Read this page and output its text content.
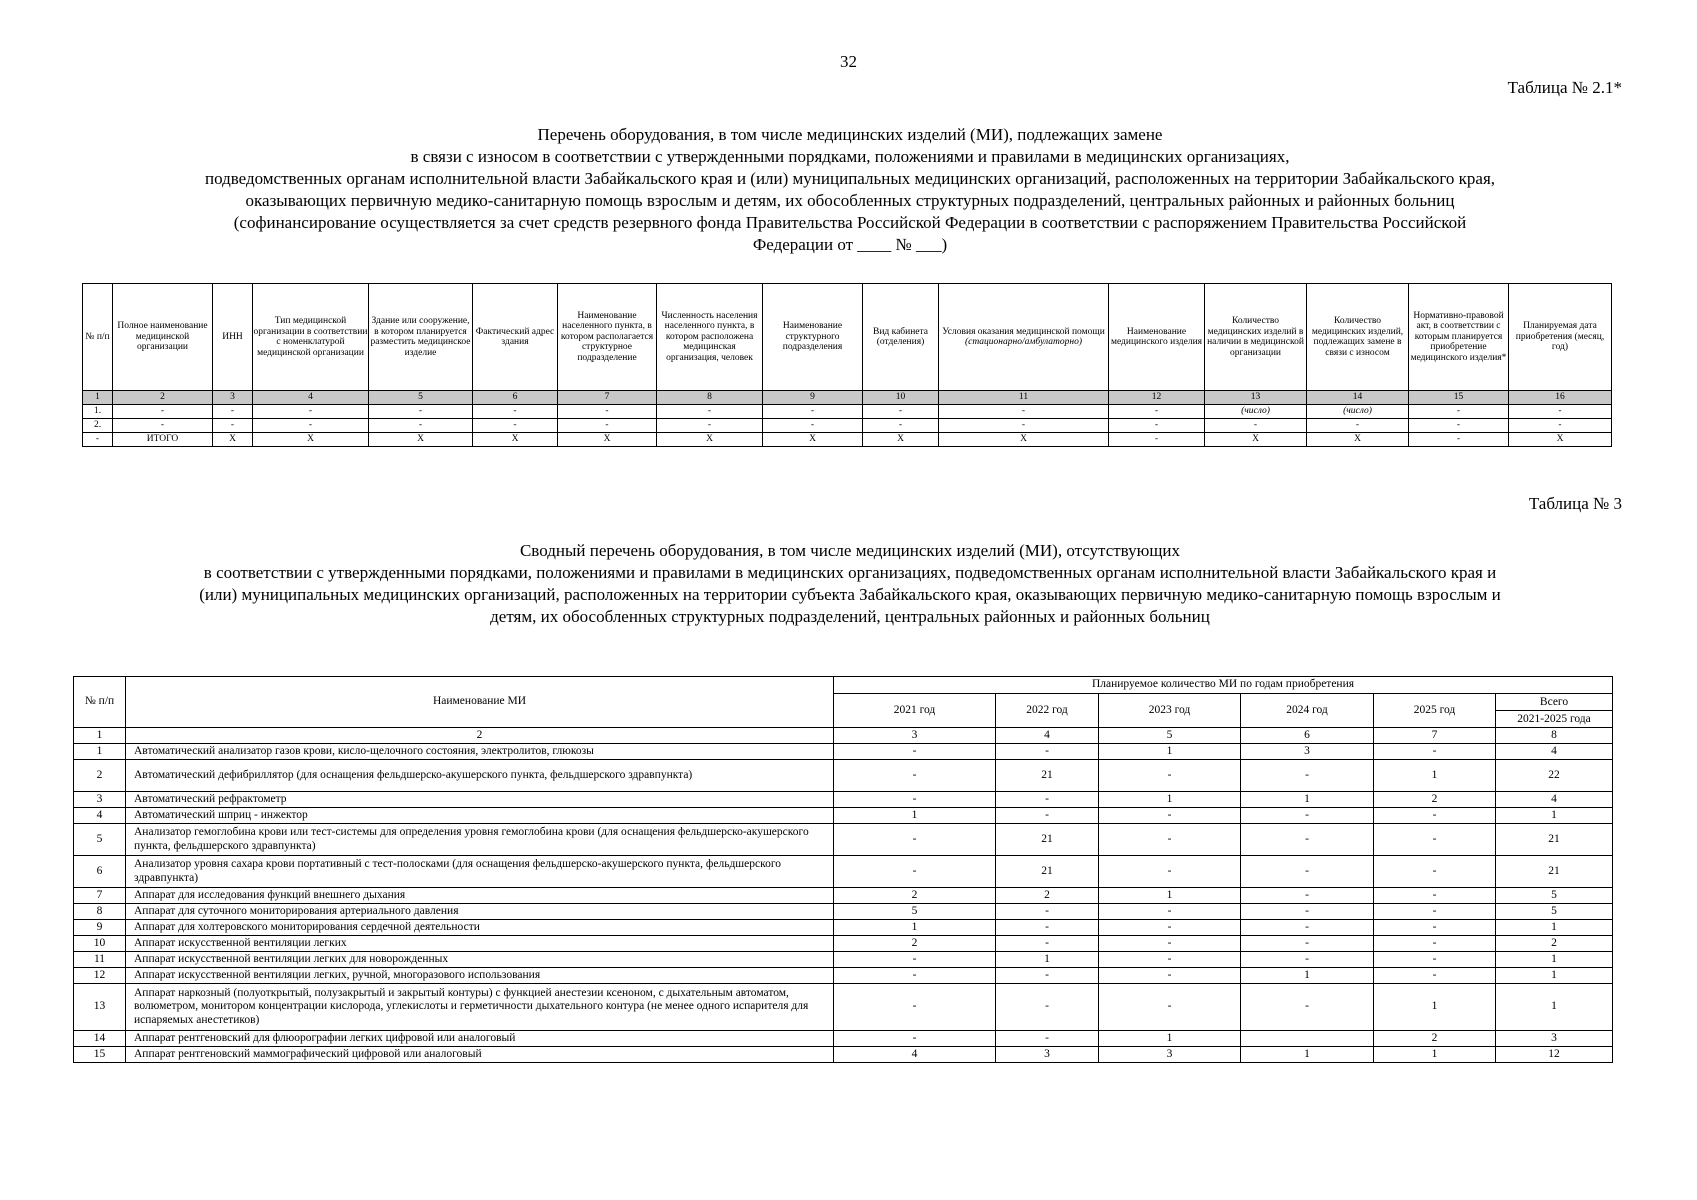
32
Таблица № 2.1*
Перечень оборудования, в том числе медицинских изделий (МИ), подлежащих замене
в связи с износом в соответствии с утвержденными порядками, положениями и правилами в медицинских организациях,
подведомственных органам исполнительной власти Забайкальского края и (или) муниципальных медицинских организаций, расположенных на территории Забайкальского края,
оказывающих первичную медико-санитарную помощь взрослым и детям, их обособленных структурных подразделений, центральных районных и районных больниц
(софинансирование осуществляется за счет средств резервного фонда Правительства Российской Федерации в соответствии с распоряжением Правительства Российской
Федерации от ____ № ___)
№ п/п	Полное наименование медицинской организации	ИНН	Тип медицинской организации в соответствии с номенклатурой медицинской организации	Здание или сооружение, в котором планируется разместить медицинское изделие	Фактический адрес здания	Наименование населенного пункта, в котором располагается структурное подразделение	Численность населения населенного пункта, в котором расположена медицинская организация, человек	Наименование структурного подразделения	Вид кабинета (отделения)	Условия оказания медицинской помощи
(стационарно/амбулаторно)	Наименование медицинского изделия	Количество медицинских изделий в наличии в медицинской организации	Количество медицинских изделий, подлежащих замене в связи с износом	Нормативно-правовой акт, в соответствии с которым планируется приобретение медицинского изделия*	Планируемая дата приобретения (месяц, год)
1	2	3	4	5	6	7	8	9	10	11	12	13	14	15	16
1.	-	-	-	-	-	-	-	-	-	-	-	(число)	(число)	-	-
2.	-	-	-	-	-	-	-	-	-	-	-	-	-	-	-
-	ИТОГО	Х	Х	Х	Х	Х	Х	Х	Х	Х	-	Х	Х	-	Х
Таблица № 3
Сводный перечень оборудования, в том числе медицинских изделий (МИ), отсутствующих
в соответствии с утвержденными порядками, положениями и правилами в медицинских организациях, подведомственных органам исполнительной власти Забайкальского края и
(или) муниципальных медицинских организаций, расположенных на территории субъекта Забайкальского края, оказывающих первичную медико-санитарную помощь взрослым и
детям, их обособленных структурных подразделений, центральных районных и районных больниц
№ п/п	Наименование МИ	Планируемое количество МИ по годам приобретения					
		2021 год	2022 год	2023 год	2024 год	2025 год	Всего
2021-2025 года

1	2	3	4	5	6	7	8
1	Автоматический анализатор газов крови, кисло-щелочного состояния, электролитов, глюкозы	-	-	1	3	-	4
2	Автоматический дефибриллятор (для оснащения фельдшерско-акушерского пункта, фельдшерского здравпункта)	-	21	-	-	1	22
3	Автоматический рефрактометр	-	-	1	1	2	4
4	Автоматический шприц - инжектор	1	-	-	-	-	1
5	Анализатор гемоглобина крови или тест-системы для определения уровня гемоглобина крови (для оснащения фельдшерско-акушерского пункта, фельдшерского здравпункта)	-	21	-	-	-	21
6	Анализатор уровня сахара крови портативный с тест-полосками (для оснащения фельдшерско-акушерского пункта, фельдшерского здравпункта)	-	21	-	-	-	21
7	Аппарат для исследования функций внешнего дыхания	2	2	1	-	-	5
8	Аппарат для суточного мониторирования артериального давления	5	-	-	-	-	5
9	Аппарат для холтеровского мониторирования сердечной деятельности	1	-	-	-	-	1
10	Аппарат искусственной вентиляции легких	2	-	-	-	-	2
11	Аппарат искусственной вентиляции легких для новорожденных	-	1	-	-	-	1
12	Аппарат искусственной вентиляции легких, ручной, многоразового использования	-	-	-	1	-	1
13	Аппарат наркозный (полуоткрытый, полузакрытый и закрытый контуры) с функцией анестезии ксеноном, с дыхательным автоматом, волюметром, монитором концентрации кислорода, углекислоты и герметичности дыхательного контура (не менее одного испарителя для испаряемых анестетиков)	-	-	-	-	1	1
14	Аппарат рентгеновский для флюорографии легких цифровой или аналоговый	-	-	1		2	3
15	Аппарат рентгеновский маммографический цифровой или аналоговый	4	3	3	1	1	12
